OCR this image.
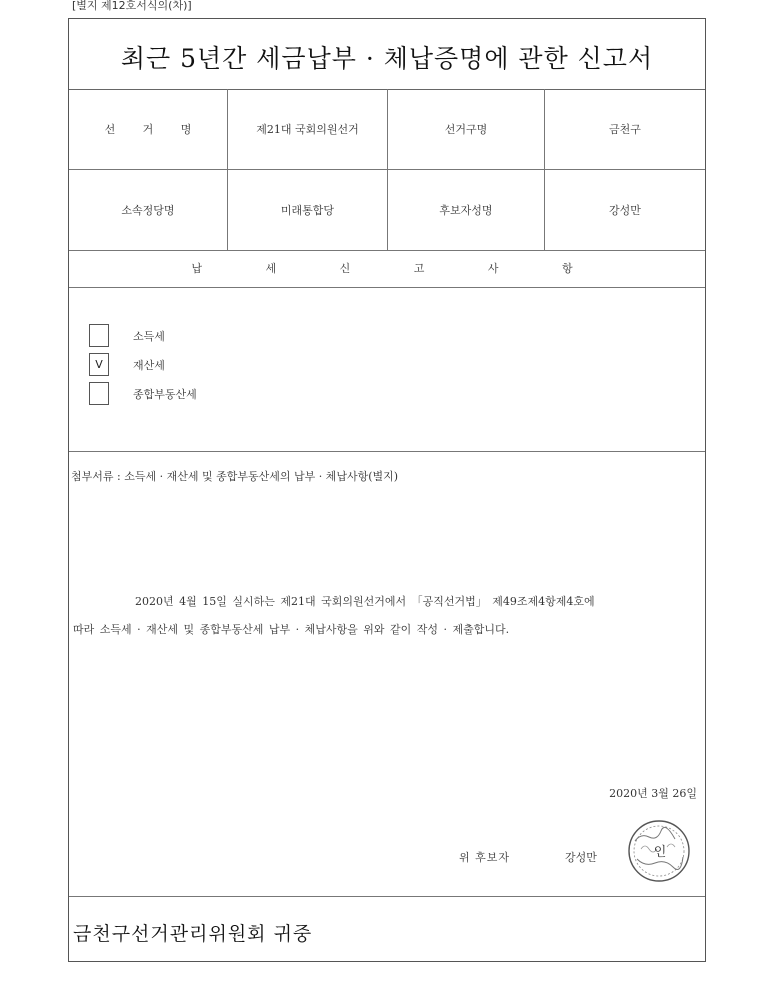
[별지 제12호서식의(차)]
최근 5년간 세금납부 · 체납증명에 관한 신고서
선 거 명	제21대 국회의원선거	선거구명	금천구
소속정당명	미래통합당	후보자성명	강성만
납 세 신 고 사 항
소득세
V	재산세
종합부동산세
첨부서류 : 소득세 · 재산세 및 종합부동산세의 납부 · 체납사항(별지)
2020년 4월 15일 실시하는 제21대 국회의원선거에서 「공직선거법」 제49조제4항제4호에
따라 소득세 · 재산세 및 종합부동산세 납부 · 체납사항을 위와 같이 작성 · 제출합니다.
2020년 3월 26일
위 후보자	강성만	인
금천구선거관리위원회 귀중
